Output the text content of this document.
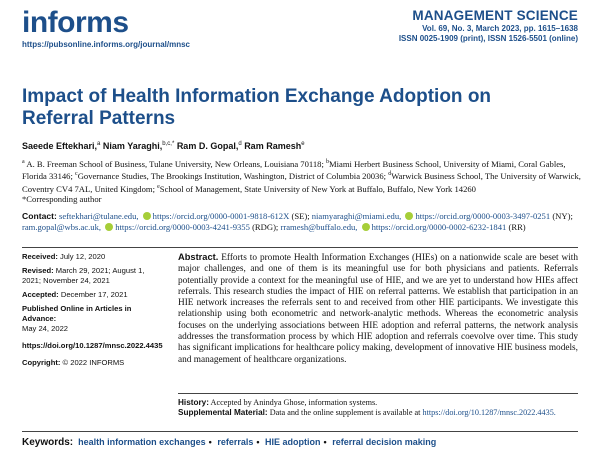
informs
https://pubsonline.informs.org/journal/mnsc
MANAGEMENT SCIENCE
Vol. 69, No. 3, March 2023, pp. 1615–1638
ISSN 0025-1909 (print), ISSN 1526-5501 (online)
Impact of Health Information Exchange Adoption on Referral Patterns
Saeede Eftekhari,$^a$ Niam Yaraghi,$^{b,c,*}$ Ram D. Gopal,$^d$ Ram Ramesh$^e$
$^a$ A. B. Freeman School of Business, Tulane University, New Orleans, Louisiana 70118; $^b$Miami Herbert Business School, University of Miami, Coral Gables, Florida 33146; $^c$Governance Studies, The Brookings Institution, Washington, District of Columbia 20036; $^d$Warwick Business School, The University of Warwick, Coventry CV4 7AL, United Kingdom; $^e$School of Management, State University of New York at Buffalo, Buffalo, New York 14260
*Corresponding author
Contact: seftekhari@tulane.edu, https://orcid.org/0000-0001-9818-612X (SE); niamyaraghi@miami.edu, https://orcid.org/0000-0003-3497-0251 (NY); ram.gopal@wbs.ac.uk, https://orcid.org/0000-0003-4241-9355 (RDG); rramesh@buffalo.edu, https://orcid.org/0000-0002-6232-1841 (RR)
Received: July 12, 2020
Revised: March 29, 2021; August 1, 2021; November 24, 2021
Accepted: December 17, 2021
Published Online in Articles in Advance:
May 24, 2022
https://doi.org/10.1287/mnsc.2022.4435
Copyright: © 2022 INFORMS
Abstract. Efforts to promote Health Information Exchanges (HIEs) on a nationwide scale are beset with major challenges, and one of them is its meaningful use for both physicians and patients. Referrals potentially provide a context for the meaningful use of HIE, and we are yet to understand how HIEs affect referrals. This research studies the impact of HIE on referral patterns. We establish that participation in an HIE network increases the referrals sent to and received from other HIE participants. We investigate this relationship using both econometric and network-analytic methods. Whereas the econometric analysis focuses on the underlying associations between HIE adoption and referral patterns, the network analysis addresses the transformation process by which HIE adoption and referrals coevolve over time. This study has significant implications for healthcare policy making, development of innovative HIE business models, and management of healthcare organizations.
History: Accepted by Anindya Ghose, information systems.
Supplemental Material: Data and the online supplement is available at https://doi.org/10.1287/mnsc.2022.4435.
Keywords: health information exchanges • referrals • HIE adoption • referral decision making
